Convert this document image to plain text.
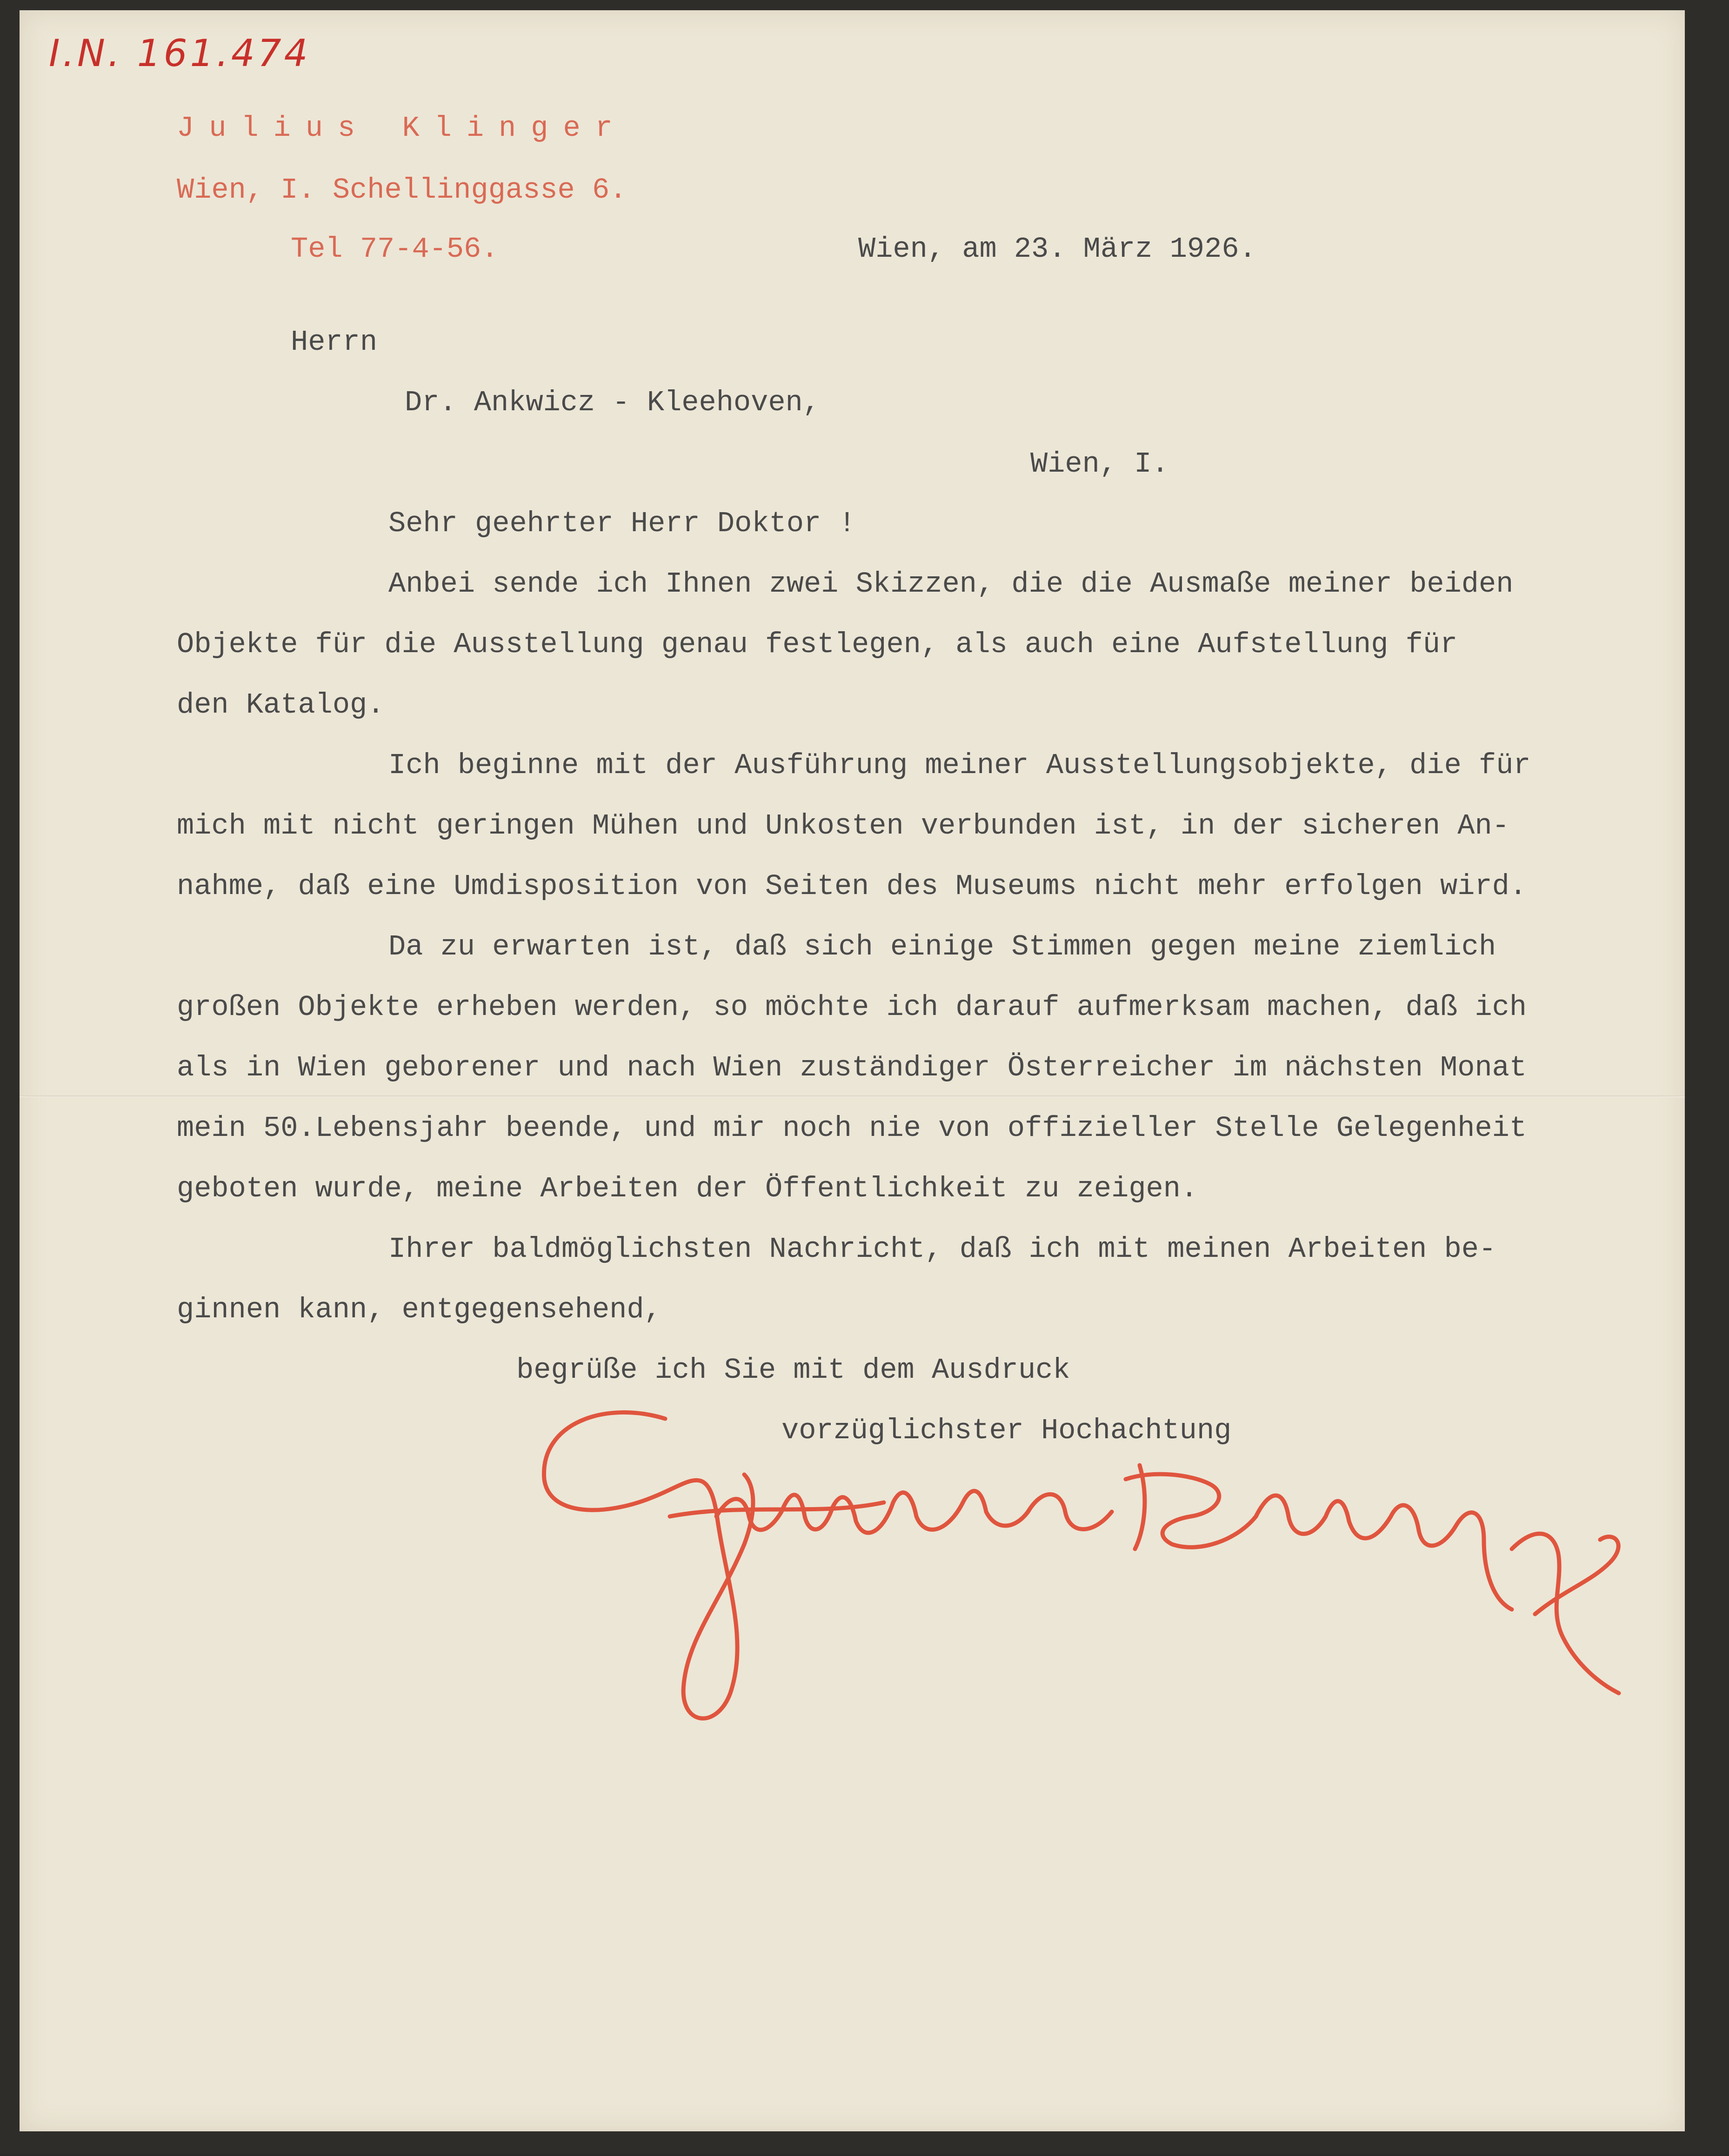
I.N. 161.474
Julius Klinger
Wien, I. Schellinggasse 6.
Tel 77-4-56.	Wien, am 23. März 1926.
Herrn
Dr. Ankwicz - Kleehoven,
Wien, I.
Sehr geehrter Herr Doktor !
Anbei sende ich Ihnen zwei Skizzen, die die Ausmaße meiner beiden
Objekte für die Ausstellung genau festlegen, als auch eine Aufstellung für
den Katalog.
Ich beginne mit der Ausführung meiner Ausstellungsobjekte, die für
mich mit nicht geringen Mühen und Unkosten verbunden ist, in der sicheren An-
nahme, daß eine Umdisposition von Seiten des Museums nicht mehr erfolgen wird.
Da zu erwarten ist, daß sich einige Stimmen gegen meine ziemlich
großen Objekte erheben werden, so möchte ich darauf aufmerksam machen, daß ich
als in Wien geborener und nach Wien zuständiger Österreicher im nächsten Monat
mein 50.Lebensjahr beende, und mir noch nie von offizieller Stelle Gelegenheit
geboten wurde, meine Arbeiten der Öffentlichkeit zu zeigen.
Ihrer baldmöglichsten Nachricht, daß ich mit meinen Arbeiten be-
ginnen kann, entgegensehend,
begrüße ich Sie mit dem Ausdruck
vorzüglichster Hochachtung
